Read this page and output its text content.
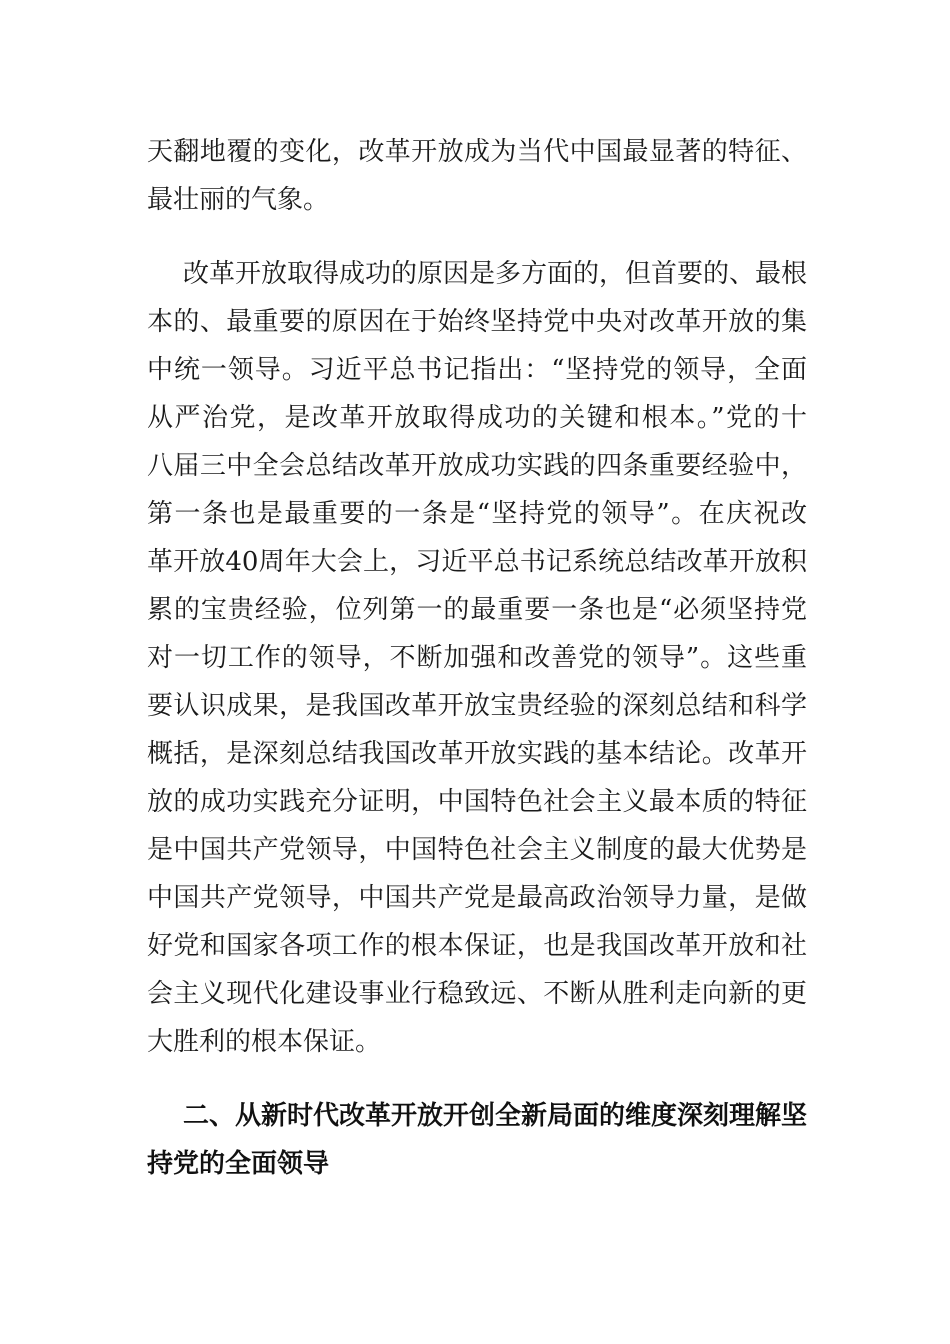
天翻地覆的变化，改革开放成为当代中国最显著的特征、

最壮丽的气象。

改革开放取得成功的原因是多方面的，但首要的、最根

本的、最重要的原因在于始终坚持党中央对改革开放的集

中统一领导。习近平总书记指出：“坚持党的领导，全面

从严治党，是改革开放取得成功的关键和根本。”党的十

八届三中全会总结改革开放成功实践的四条重要经验中，

第一条也是最重要的一条是“坚持党的领导”。在庆祝改

革开放40周年大会上，习近平总书记系统总结改革开放积

累的宝贵经验，位列第一的最重要一条也是“必须坚持党

对一切工作的领导，不断加强和改善党的领导”。这些重

要认识成果，是我国改革开放宝贵经验的深刻总结和科学

概括，是深刻总结我国改革开放实践的基本结论。改革开

放的成功实践充分证明，中国特色社会主义最本质的特征

是中国共产党领导，中国特色社会主义制度的最大优势是

中国共产党领导，中国共产党是最高政治领导力量，是做

好党和国家各项工作的根本保证，也是我国改革开放和社

会主义现代化建设事业行稳致远、不断从胜利走向新的更

大胜利的根本保证。

二、从新时代改革开放开创全新局面的维度深刻理解坚

持党的全面领导
